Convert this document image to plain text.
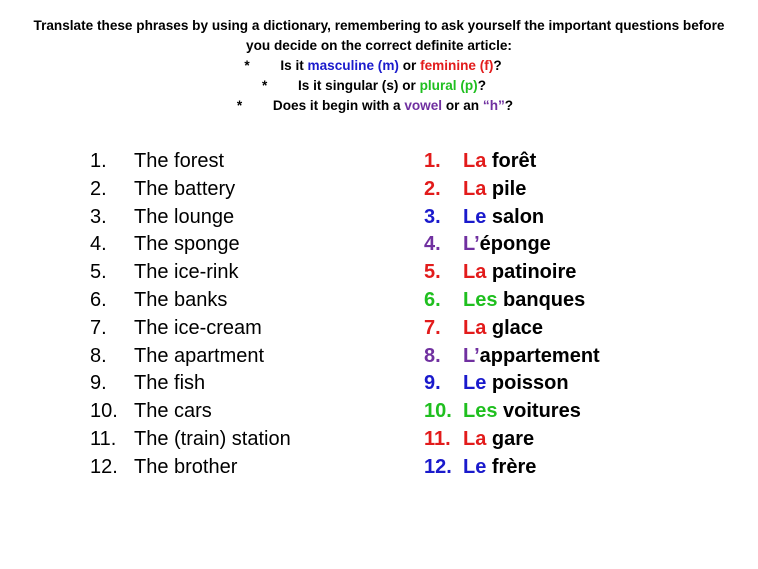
Translate these phrases by using a dictionary, remembering to ask yourself the important questions before
you decide on the correct definite article:
* Is it masculine (m) or feminine (f)?
* Is it singular (s) or plural (p)?
* Does it begin with a vowel or an “h”?
1. The forest
2. The battery
3. The lounge
4. The sponge
5. The ice-rink
6. The banks
7. The ice-cream
8. The apartment
9. The fish
10. The cars
11. The (train) station
12. The brother
1. La forêt
2. La pile
3. Le salon
4. L’éponge
5. La patinoire
6. Les banques
7. La glace
8. L’appartement
9. Le poisson
10. Les voitures
11. La gare
12. Le frère
